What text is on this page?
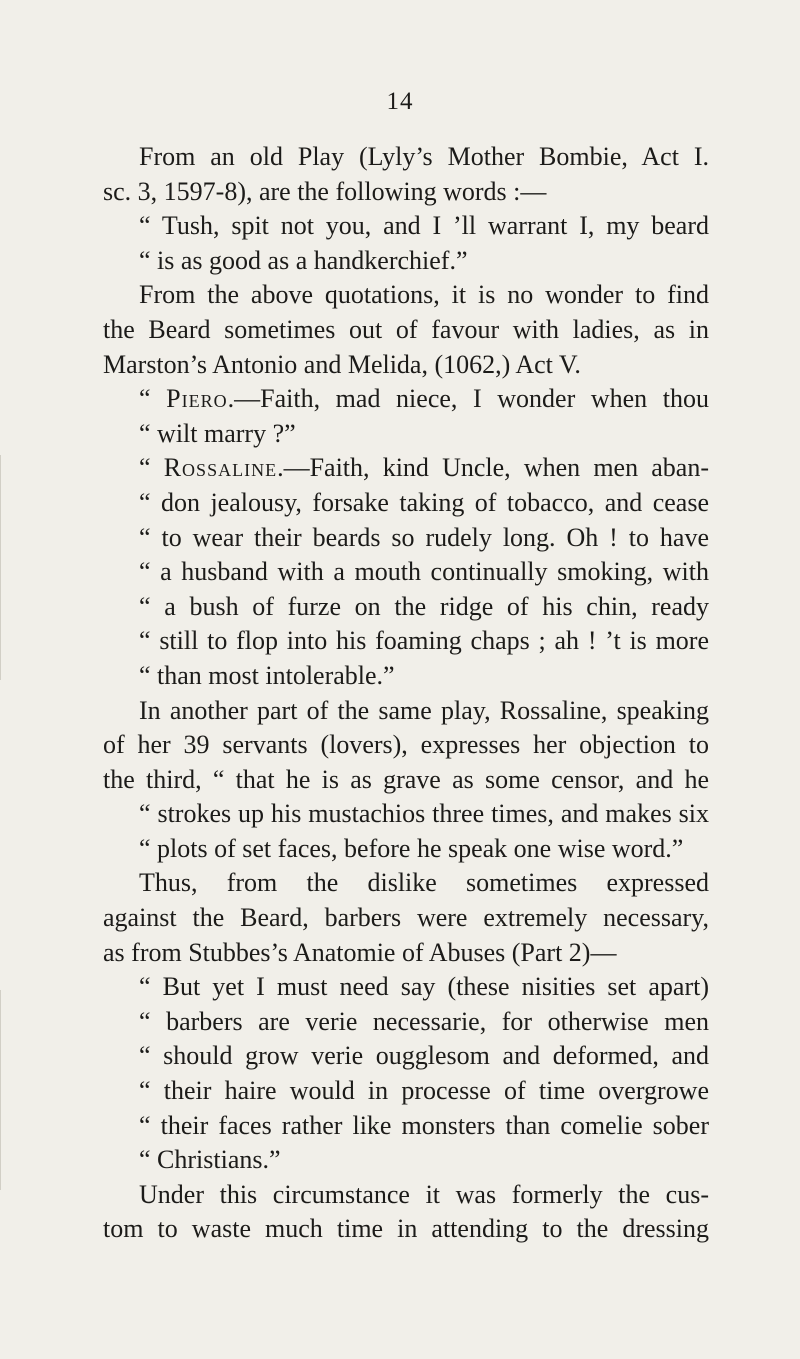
14
From an old Play (Lyly’s Mother Bombie, Act I.
sc. 3, 1597-8), are the following words :—
“ Tush, spit not you, and I ’ll warrant I, my beard
“ is as good as a handkerchief.”
From the above quotations, it is no wonder to find
the Beard sometimes out of favour with ladies, as in
Marston’s Antonio and Melida, (1062,) Act V.
“ Piero.—Faith, mad niece, I wonder when thou
“ wilt marry ?”
“ Rossaline.—Faith, kind Uncle, when men aban-
“ don jealousy, forsake taking of tobacco, and cease
“ to wear their beards so rudely long. Oh ! to have
“ a husband with a mouth continually smoking, with
“ a bush of furze on the ridge of his chin, ready
“ still to flop into his foaming chaps ; ah ! ’t is more
“ than most intolerable.”
In another part of the same play, Rossaline, speaking
of her 39 servants (lovers), expresses her objection to
the third, “ that he is as grave as some censor, and he
“ strokes up his mustachios three times, and makes six
“ plots of set faces, before he speak one wise word.”
Thus, from the dislike sometimes expressed
against the Beard, barbers were extremely necessary,
as from Stubbes’s Anatomie of Abuses (Part 2)—
“ But yet I must need say (these nisities set apart)
“ barbers are verie necessarie, for otherwise men
“ should grow verie ougglesom and deformed, and
“ their haire would in processe of time overgrowe
“ their faces rather like monsters than comelie sober
“ Christians.”
Under this circumstance it was formerly the cus-
tom to waste much time in attending to the dressing
